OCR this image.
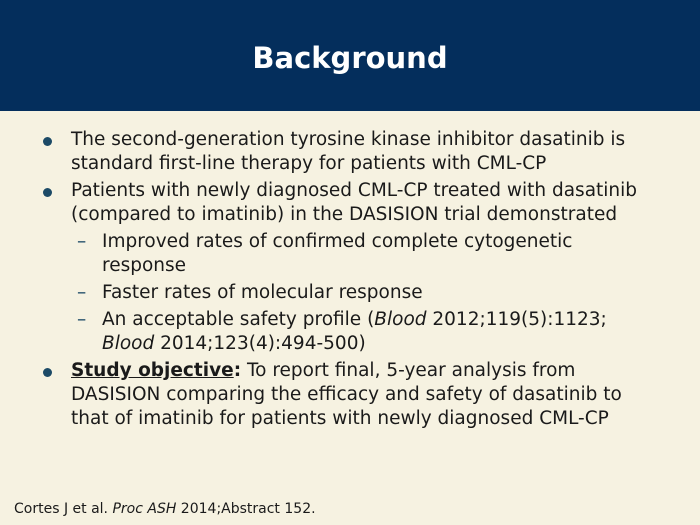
Background
The second-generation tyrosine kinase inhibitor dasatinib is standard first-line therapy for patients with CML-CP
Patients with newly diagnosed CML-CP treated with dasatinib (compared to imatinib) in the DASISION trial demonstrated
– Improved rates of confirmed complete cytogenetic response
– Faster rates of molecular response
– An acceptable safety profile (Blood 2012;119(5):1123; Blood 2014;123(4):494-500)
Study objective: To report final, 5-year analysis from DASISION comparing the efficacy and safety of dasatinib to that of imatinib for patients with newly diagnosed CML-CP
Cortes J et al. Proc ASH 2014;Abstract 152.
